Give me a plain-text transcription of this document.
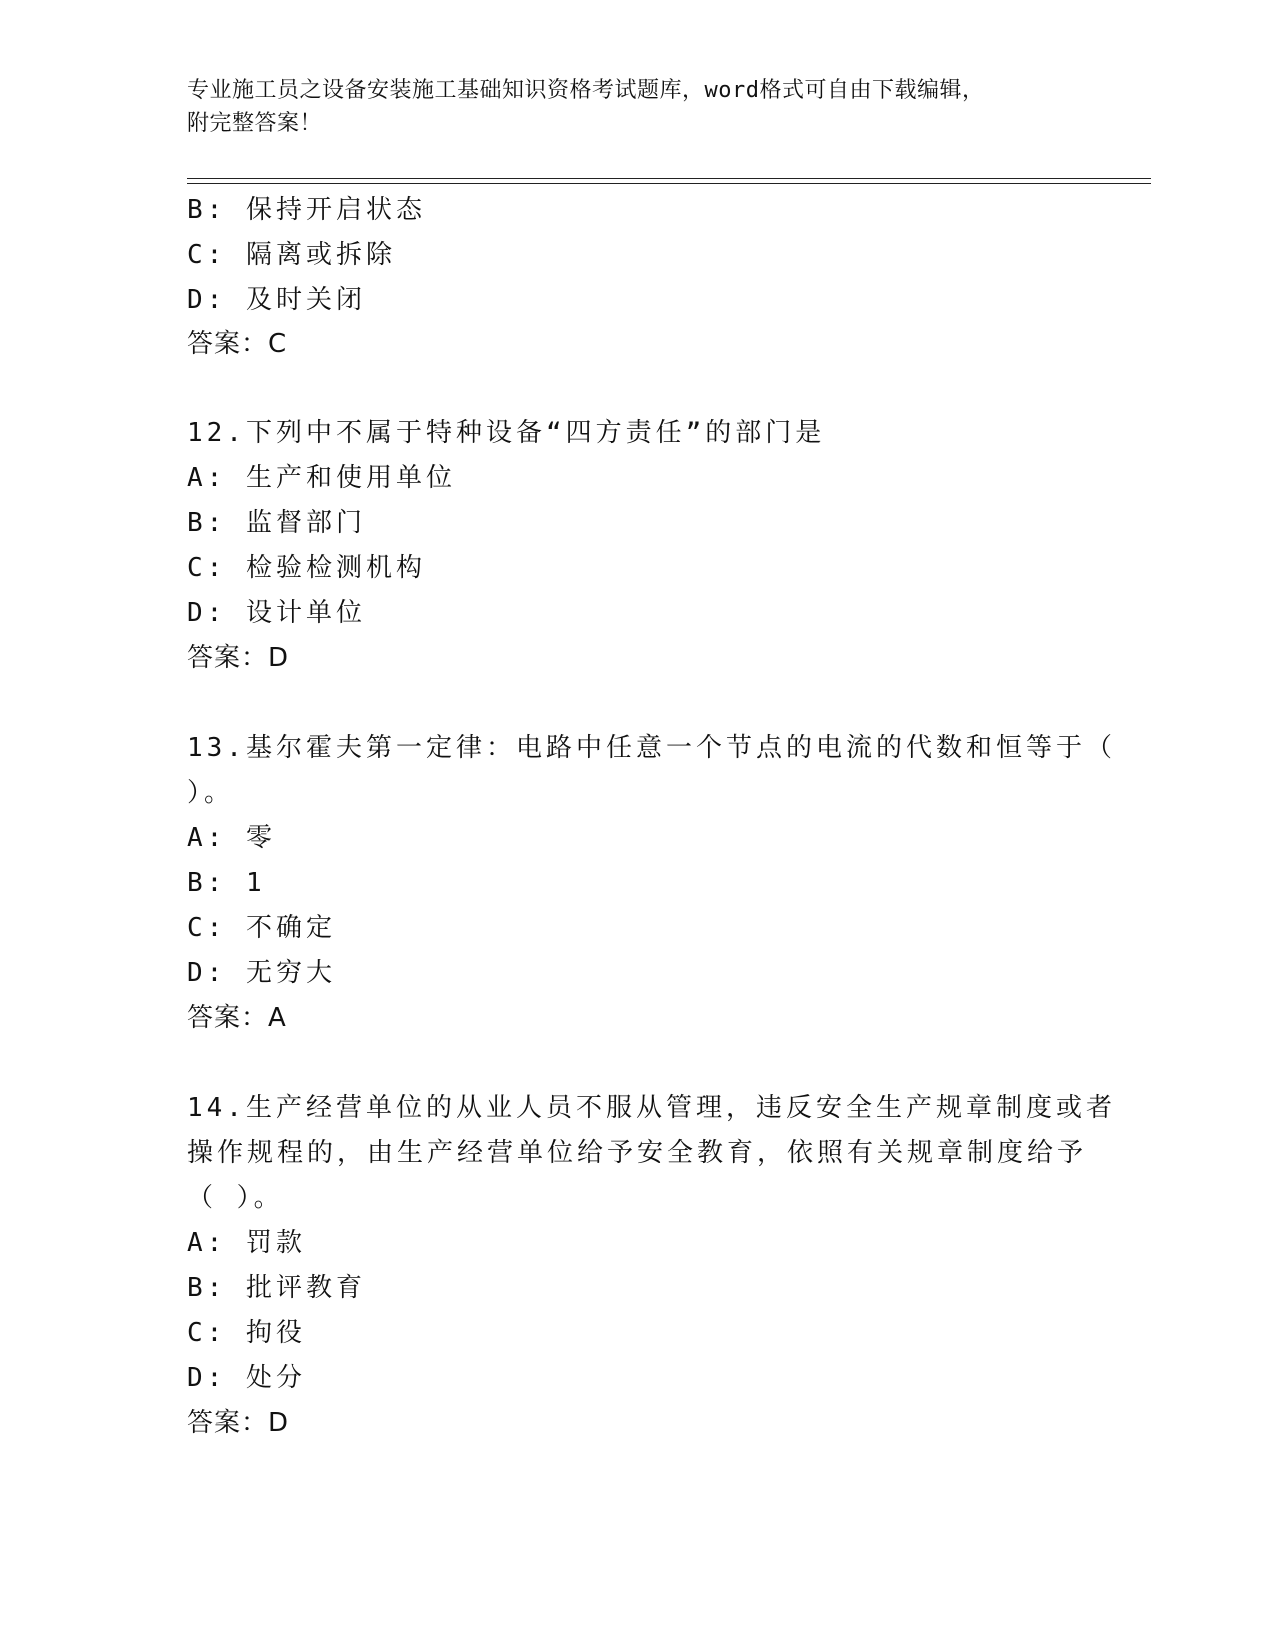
专业施工员之设备安装施工基础知识资格考试题库，word格式可自由下载编辑，
附完整答案！
B: 保持开启状态
C: 隔离或拆除
D: 及时关闭
答案：C
12.下列中不属于特种设备“四方责任”的部门是
A: 生产和使用单位
B: 监督部门
C: 检验检测机构
D: 设计单位
答案：D
13.基尔霍夫第一定律：电路中任意一个节点的电流的代数和恒等于（
）。
A: 零
B: 1
C: 不确定
D: 无穷大
答案：A
14.生产经营单位的从业人员不服从管理，违反安全生产规章制度或者
操作规程的，由生产经营单位给予安全教育，依照有关规章制度给予
（ ）。
A: 罚款
B: 批评教育
C: 拘役
D: 处分
答案：D
